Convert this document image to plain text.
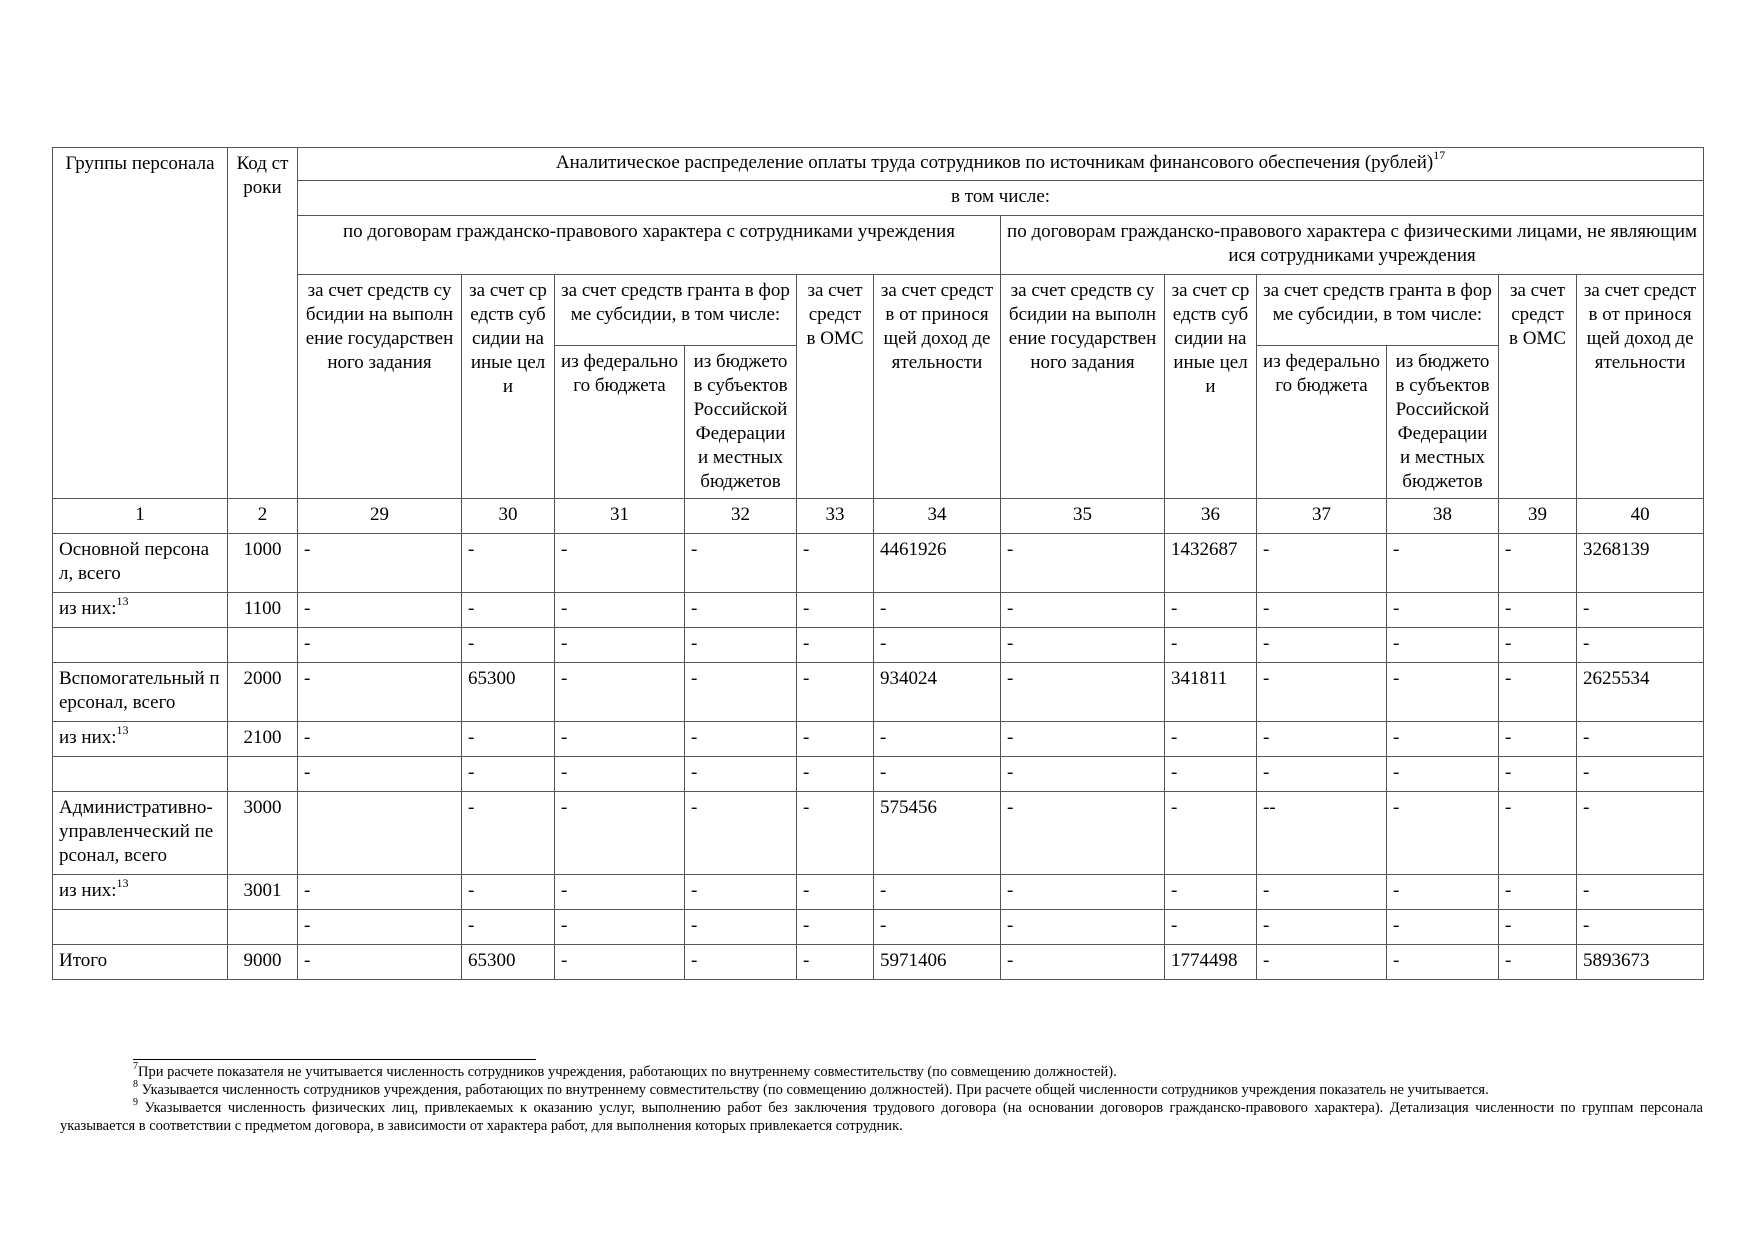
Группы персонала	Код строки	Аналитическое распределение оплаты труда сотрудников по источникам финансового обеспечения (рублей)$^{17}$
		в том числе:											
		по договорам гражданско-правового характера с сотрудниками учреждения						по договорам гражданско-правового характера с физическими лицами, не являющимися сотрудниками учреждения					
		за счет средств субсидии на выполнение государственного задания	за счет средств субсидии на иные цели	за счет средств гранта в форме субсидии, в том числе:		за счет средст в ОМС	за счет средств от приносящей доход деятельности	за счет средств субсидии на выполнение государственного задания	за счет средств субсидии на иные цели	за счет средств гранта в форме субсидии, в том числе:		за счет средст в ОМС	за счет средств от приносящей доход деятельности
				из федерального бюджета	из бюджетов субъектов Российской Федерации и местных бюджетов					из федерального бюджета	из бюджетов субъектов Российской Федерации и местных бюджетов		
1	2	29	30	31	32	33	34	35	36	37	38	39	40
Основной персонал, всего	1000	-	-	-	-	-	4461926	-	1432687	-	-	-	3268139
из них:$^{13}$	1100	-	-	-	-	-	-	-	-	-	-	-	-
		-	-	-	-	-	-	-	-	-	-	-	-
Вспомогательный персонал, всего	2000	-	65300	-	-	-	934024	-	341811	-	-	-	2625534
из них:$^{13}$	2100	-	-	-	-	-	-	-	-	-	-	-	-
		-	-	-	-	-	-	-	-	-	-	-	-
Административно-управленческий персонал, всего	3000		-	-	-	-	575456	-	-	--	-	-	-
из них:$^{13}$	3001	-	-	-	-	-	-	-	-	-	-	-	-
		-	-	-	-	-	-	-	-	-	-	-	-
Итого	9000	-	65300	-	-	-	5971406	-	1774498	-	-	-	5893673

$^7$При расчете показателя не учитывается численность сотрудников учреждения, работающих по внутреннему совместительству (по совмещению должностей).

$^8$ Указывается численность сотрудников учреждения, работающих по внутреннему совместительству (по совмещению должностей). При расчете общей численности сотрудников учреждения показатель не учитывается.

$^9$ Указывается численность физических лиц, привлекаемых к оказанию услуг, выполнению работ без заключения трудового договора (на основании договоров гражданско-правового характера). Детализация численности по группам персонала указывается в соответствии с предметом договора, в зависимости от характера работ, для выполнения которых привлекается сотрудник.
